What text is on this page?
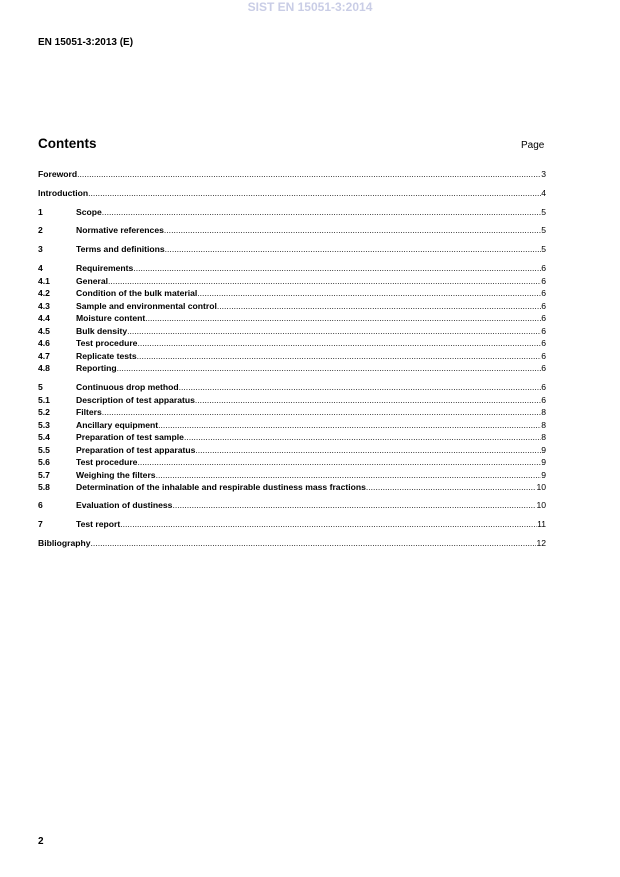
SIST EN 15051-3:2014
EN 15051-3:2013 (E)
Contents	Page
Foreword .....	3
Introduction .....	4
1	Scope .....	5
2	Normative references .....	5
3	Terms and definitions .....	5
4	Requirements .....	6
4.1	General .....	6
4.2	Condition of the bulk material .....	6
4.3	Sample and environmental control .....	6
4.4	Moisture content .....	6
4.5	Bulk density .....	6
4.6	Test procedure .....	6
4.7	Replicate tests .....	6
4.8	Reporting .....	6
5	Continuous drop method .....	6
5.1	Description of test apparatus .....	6
5.2	Filters .....	8
5.3	Ancillary equipment .....	8
5.4	Preparation of test sample .....	8
5.5	Preparation of test apparatus .....	9
5.6	Test procedure .....	9
5.7	Weighing the filters .....	9
5.8	Determination of the inhalable and respirable dustiness mass fractions .....	10
6	Evaluation of dustiness .....	10
7	Test report .....	11
Bibliography .....	12
2
